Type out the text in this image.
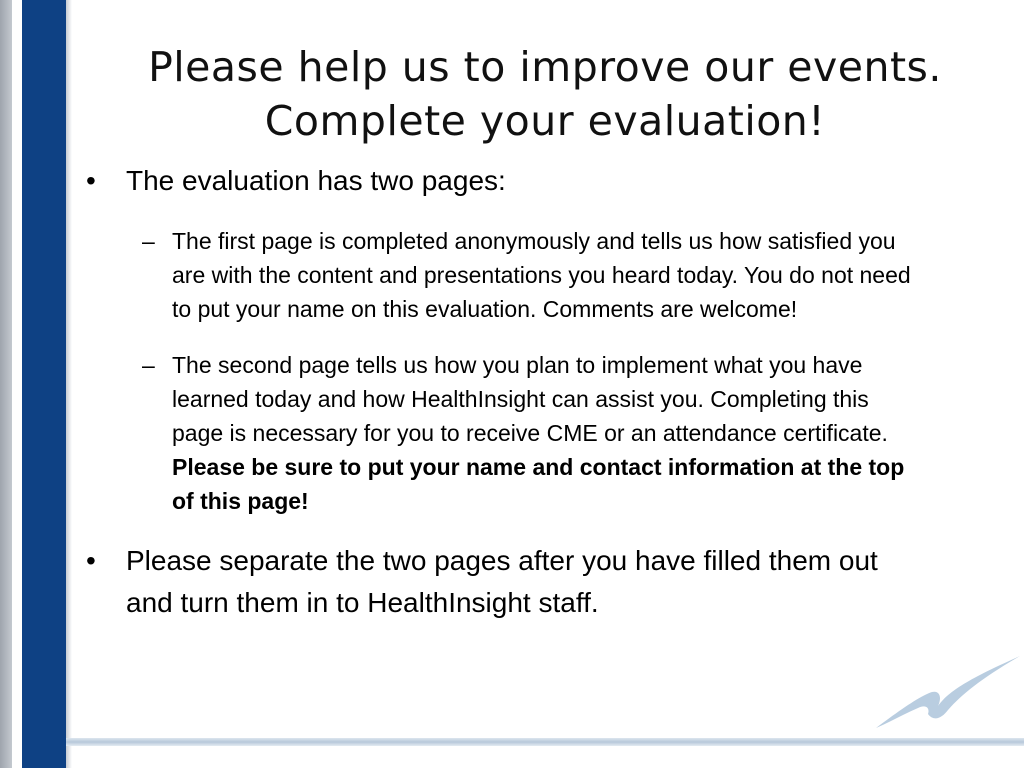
Please help us to improve our events.
Complete your evaluation!
•	The evaluation has two pages:
– The first page is completed anonymously and tells us how satisfied you are with the content and presentations you heard today. You do not need to put your name on this evaluation. Comments are welcome!
– The second page tells us how you plan to implement what you have learned today and how HealthInsight can assist you. Completing this page is necessary for you to receive CME or an attendance certificate. Please be sure to put your name and contact information at the top of this page!
•	Please separate the two pages after you have filled them out and turn them in to HealthInsight staff.
